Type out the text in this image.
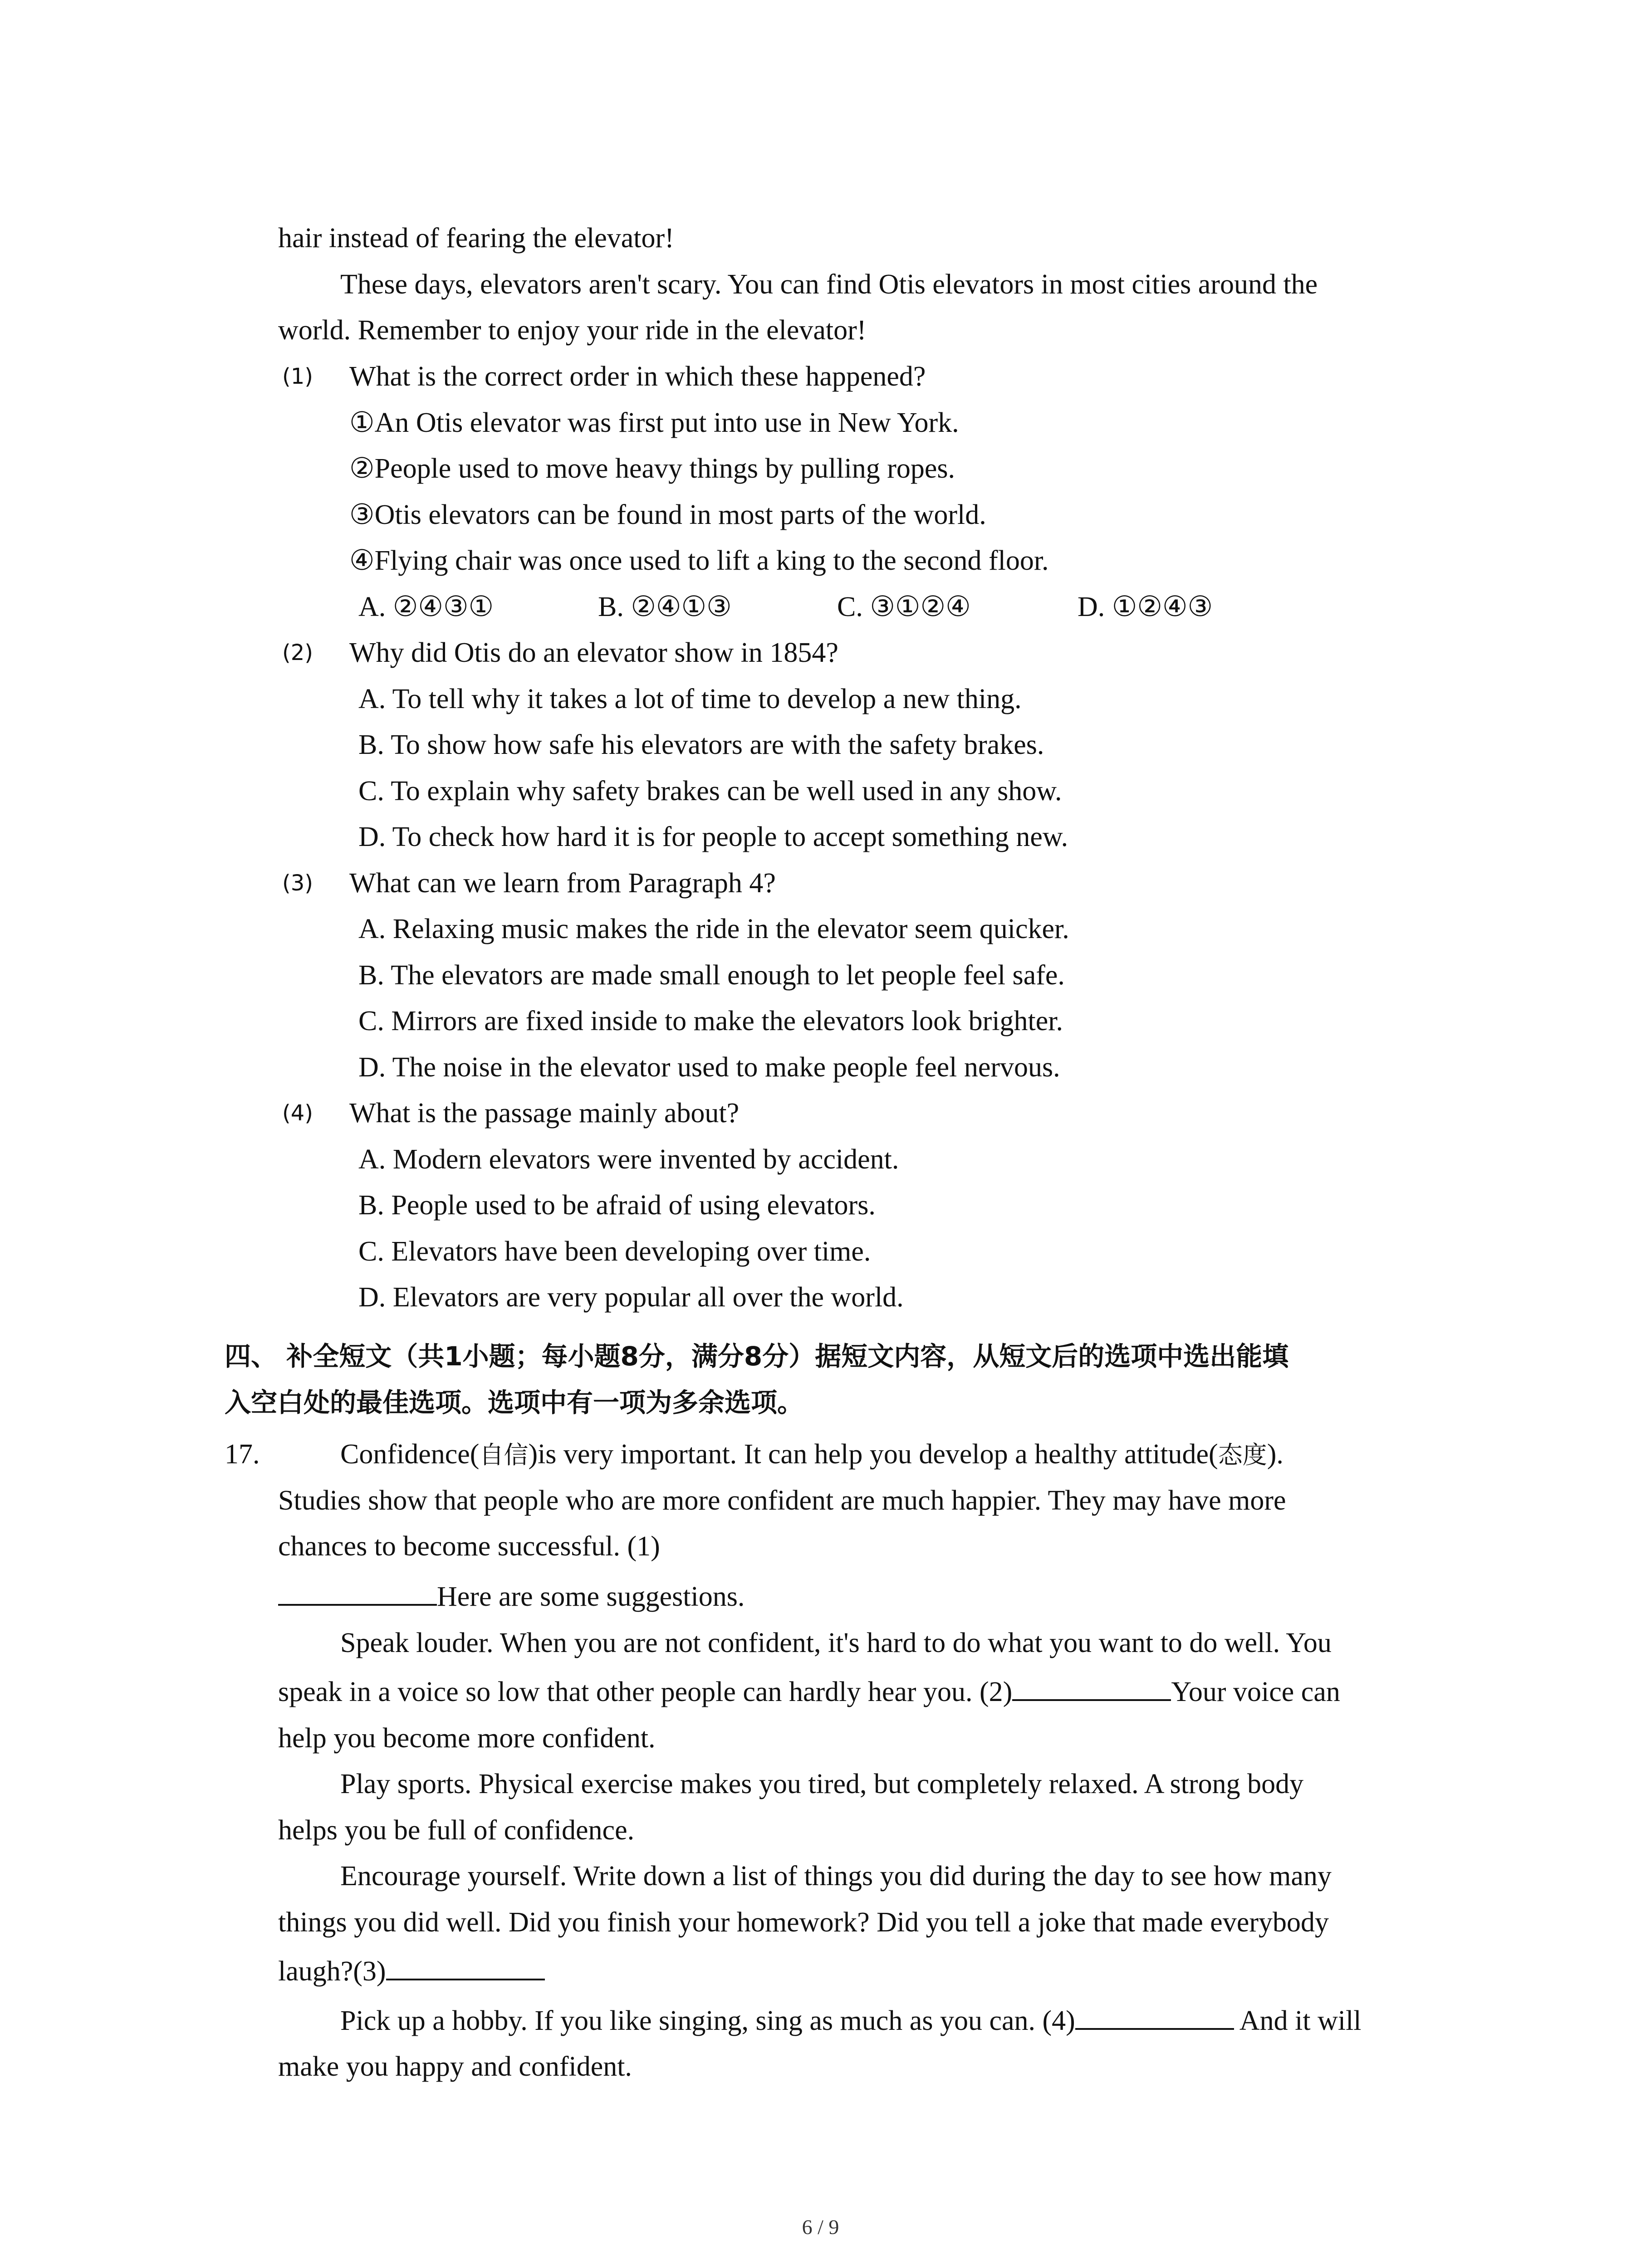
hair instead of fearing the elevator!
These days, elevators aren't scary. You can find Otis elevators in most cities around the
world. Remember to enjoy your ride in the elevator!
(1) What is the correct order in which these happened?
①An Otis elevator was first put into use in New York.
②People used to move heavy things by pulling ropes.
③Otis elevators can be found in most parts of the world.
④Flying chair was once used to lift a king to the second floor.
A. ②④③①	B. ②④①③	C. ③①②④	D. ①②④③
(2) Why did Otis do an elevator show in 1854?
A. To tell why it takes a lot of time to develop a new thing.
B. To show how safe his elevators are with the safety brakes.
C. To explain why safety brakes can be well used in any show.
D. To check how hard it is for people to accept something new.
(3) What can we learn from Paragraph 4?
A. Relaxing music makes the ride in the elevator seem quicker.
B. The elevators are made small enough to let people feel safe.
C. Mirrors are fixed inside to make the elevators look brighter.
D. The noise in the elevator used to make people feel nervous.
(4) What is the passage mainly about?
A. Modern elevators were invented by accident.
B. People used to be afraid of using elevators.
C. Elevators have been developing over time.
D. Elevators are very popular all over the world.
四、 补全短文（共1小题；每小题8分，满分8分）据短文内容，从短文后的选项中选出能填
入空白处的最佳选项。选项中有一项为多余选项。
17.	Confidence(自信)is very important. It can help you develop a healthy attitude(态度).
Studies show that people who are more confident are much happier. They may have more
chances to become successful. (1)
Here are some suggestions.
Speak louder. When you are not confident, it's hard to do what you want to do well. You
speak in a voice so low that other people can hardly hear you. (2)	Your voice can
help you become more confident.
Play sports. Physical exercise makes you tired, but completely relaxed. A strong body
helps you be full of confidence.
Encourage yourself. Write down a list of things you did during the day to see how many
things you did well. Did you finish your homework? Did you tell a joke that made everybody
laugh?(3)
Pick up a hobby. If you like singing, sing as much as you can. (4)	And it will
make you happy and confident.
6 / 9
